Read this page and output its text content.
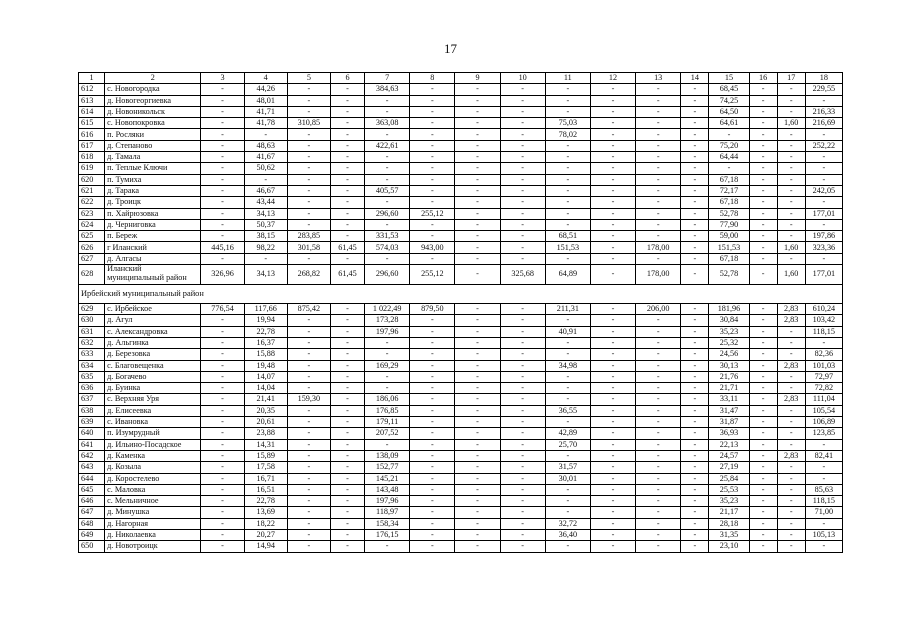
17
1	2	3	4	5	6	7	8	9	10	11	12	13	14	15	16	17	18
612	с. Новогородка	-	44,26	-	-	384,63	-	-	-	-	-	-	-	68,45	-	-	229,55
613	д. Новогеоргиевка	-	48,01	-	-	-	-	-	-	-	-	-	-	74,25	-	-	-
614	д. Новоникольск	-	41,71	-	-	-	-	-	-	-	-	-	-	64,50	-	-	216,33
615	с. Новопокровка	-	41,78	310,85	-	363,08	-	-	-	75,03	-	-	-	64,61	-	1,60	216,69
616	п. Росляки	-	-	-	-	-	-	-	-	78,02	-	-	-	-	-	-	-
617	д. Степаново	-	48,63	-	-	422,61	-	-	-	-	-	-	-	75,20	-	-	252,22
618	д. Тамала	-	41,67	-	-	-	-	-	-	-	-	-	-	64,44	-	-	-
619	п. Теплые Ключи	-	50,62	-	-	-	-	-	-	-	-	-	-	-	-	-	-
620	п. Тумиха	-	-	-	-	-	-	-	-	-	-	-	-	67,18	-	-	-
621	д. Тарака	-	46,67	-	-	405,57	-	-	-	-	-	-	-	72,17	-	-	242,05
622	д. Троицк	-	43,44	-	-	-	-	-	-	-	-	-	-	67,18	-	-	-
623	п. Хайрюзовка	-	34,13	-	-	296,60	255,12	-	-	-	-	-	-	52,78	-	-	177,01
624	д. Черниговка	-	50,37	-	-	-	-	-	-	-	-	-	-	77,90	-	-	-
625	п. Береж	-	38,15	283,85	-	331,53	-	-	-	68,51	-	-	-	59,00	-	-	197,86
626	г Иланский	445,16	98,22	301,58	61,45	574,03	943,00	-	-	151,53	-	178,00	-	151,53	-	1,60	323,36
627	д. Алгасы	-	-	-	-	-	-	-	-	-	-	-	-	67,18	-	-	-
628	Иланский муниципальный район	326,96	34,13	268,82	61,45	296,60	255,12	-	325,68	64,89	-	178,00	-	52,78	-	1,60	177,01
Ирбейский муниципальный район																	
629	с. Ирбейское	776,54	117,66	875,42	-	1 022,49	879,50	-	-	211,31	-	206,00	-	181,96	-	2,83	610,24
630	д. Агул	-	19,94	-	-	173,28	-	-	-	-	-	-	-	30,84	-	2,83	103,42
631	с. Александровка	-	22,78	-	-	197,96	-	-	-	40,91	-	-	-	35,23	-	-	118,15
632	д. Альгинка	-	16,37	-	-	-	-	-	-	-	-	-	-	25,32	-	-	-
633	д. Березовка	-	15,88	-	-	-	-	-	-	-	-	-	-	24,56	-	-	82,36
634	с. Благовещенка	-	19,48	-	-	169,29	-	-	-	34,98	-	-	-	30,13	-	2,83	101,03
635	д. Богачево	-	14,07	-	-	-	-	-	-	-	-	-	-	21,76	-	-	72,97
636	д. Буинка	-	14,04	-	-	-	-	-	-	-	-	-	-	21,71	-	-	72,82
637	с. Верхняя Уря	-	21,41	159,30	-	186,06	-	-	-	-	-	-	-	33,11	-	2,83	111,04
638	д. Елисеевка	-	20,35	-	-	176,85	-	-	-	36,55	-	-	-	31,47	-	-	105,54
639	с. Ивановка	-	20,61	-	-	179,11	-	-	-	-	-	-	-	31,87	-	-	106,89
640	п. Изумрудный	-	23,88	-	-	207,52	-	-	-	42,89	-	-	-	36,93	-	-	123,85
641	д. Ильино-Посадское	-	14,31	-	-	-	-	-	-	25,70	-	-	-	22,13	-	-	-
642	д. Каменка	-	15,89	-	-	138,09	-	-	-	-	-	-	-	24,57	-	2,83	82,41
643	д. Козыла	-	17,58	-	-	152,77	-	-	-	31,57	-	-	-	27,19	-	-	-
644	д. Коростелево	-	16,71	-	-	145,21	-	-	-	30,01	-	-	-	25,84	-	-	-
645	с. Маловка	-	16,51	-	-	143,48	-	-	-	-	-	-	-	25,53	-	-	85,63
646	с. Мельничное	-	22,78	-	-	197,96	-	-	-	-	-	-	-	35,23	-	-	118,15
647	д. Минушка	-	13,69	-	-	118,97	-	-	-	-	-	-	-	21,17	-	-	71,00
648	д. Нагорная	-	18,22	-	-	158,34	-	-	-	32,72	-	-	-	28,18	-	-	-
649	д. Николаевка	-	20,27	-	-	176,15	-	-	-	36,40	-	-	-	31,35	-	-	105,13
650	д. Новотроицк	-	14,94	-	-	-	-	-	-	-	-	-	-	23,10	-	-	-
